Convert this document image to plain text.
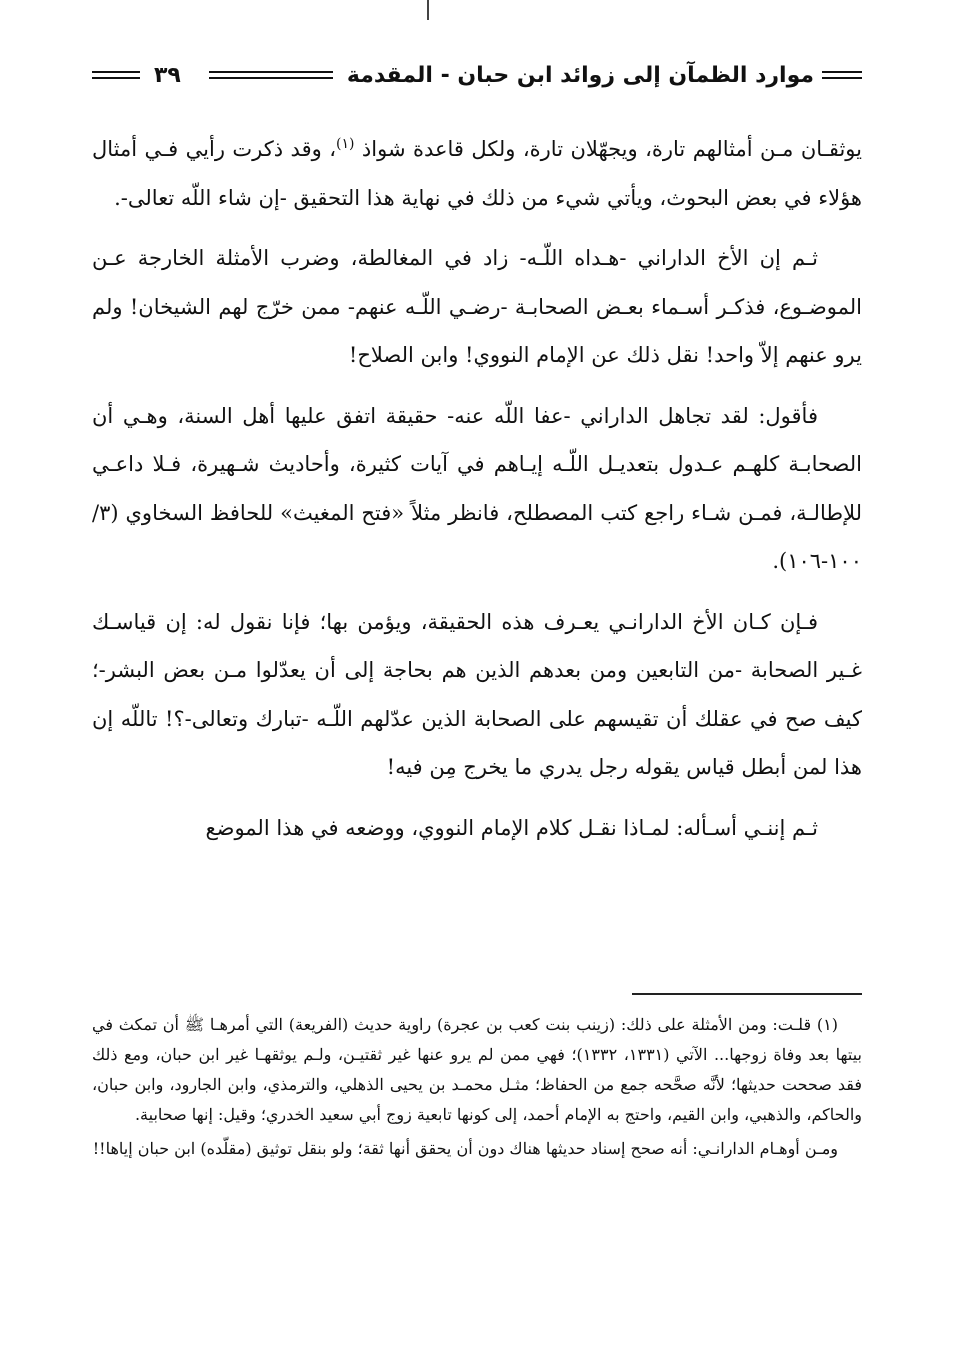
موارد الظمآن إلى زوائد ابن حبان - المقدمة
٣٩

يوثقـان مـن أمثالهم تارة، ويجهّلان تارة، ولكل قاعدة شواذ $^{(١)}$، وقد ذكرت رأيي فـي أمثال هؤلاء في بعض البحوث، ويأتي شيء من ذلك في نهاية هذا التحقيق -إن شاء اللّه تعالى-.

ثـم إن الأخ الداراني -هـداه اللّـه- زاد في المغالطة، وضرب الأمثلة الخارجة عـن الموضـوع، فذكـر أسـماء بعـض الصحابـة -رضـي اللّـه عنهم- ممن خرّج لهم الشيخان! ولم يرو عنهم إلاّ واحد! نقل ذلك عن الإمام النووي! وابن الصلاح!

فأقول: لقد تجاهل الداراني -عفا اللّه عنه- حقيقة اتفق عليها أهل السنة، وهـي أن الصحابـة كلهـم عـدول بتعديـل اللّـه إيـاهم في آيات كثيرة، وأحاديث شـهيرة، فـلا داعـي للإطالـة، فمـن شـاء راجع كتب المصطلح، فانظر مثلاً «فتح المغيث» للحافظ السخاوي (٣/ ١٠٠-١٠٦).

فـإن كـان الأخ الدارانـي يعـرف هذه الحقيقة، ويؤمن بها؛ فإنا نقول له: إن قياسـك غـير الصحابة -من التابعين ومن بعدهم الذين هم بحاجة إلى أن يعدّلوا مـن بعض البشر-؛ كيف صح في عقلك أن تقيسهم على الصحابة الذين عدّلهم اللّـه -تبارك وتعالى-؟! تاللّه إن هذا لمن أبطل قياس يقوله رجل يدري ما يخرج مِن فيه!

ثـم إننـي أسـأله: لمـاذا نقـل كلام الإمام النووي، ووضعه في هذا الموضع

(١) قلـت: ومن الأمثلة على ذلك: (زينب بنت كعب بن عجرة) راوية حديث (الفريعة) التي أمرهـا ﷺ أن تمكث في بيتها بعد وفاة زوجها... الآتي (١٣٣١، ١٣٣٢)؛ فهي ممن لم يرو عنها غير ثقتيـن، ولـم يوثقهـا غير ابن حبان، ومع ذلك فقد صححت حديثها؛ لأنَّه صحَّحه جمع من الحفاظ؛ مثـل محمـد بن يحيى الذهلي، والترمذي، وابن الجارود، وابن حبان، والحاكم، والذهبي، وابن القيم، واحتج به الإمام أحمد، إلى كونها تابعية زوج أبي سعيد الخدري؛ وقيل: إنها صحابية.

ومـن أوهـام الدارانـي: أنه صحح إسناد حديثها هناك دون أن يحقق أنها ثقة؛ ولو بنقل توثيق (مقلّده) ابن حبان إياها!!
